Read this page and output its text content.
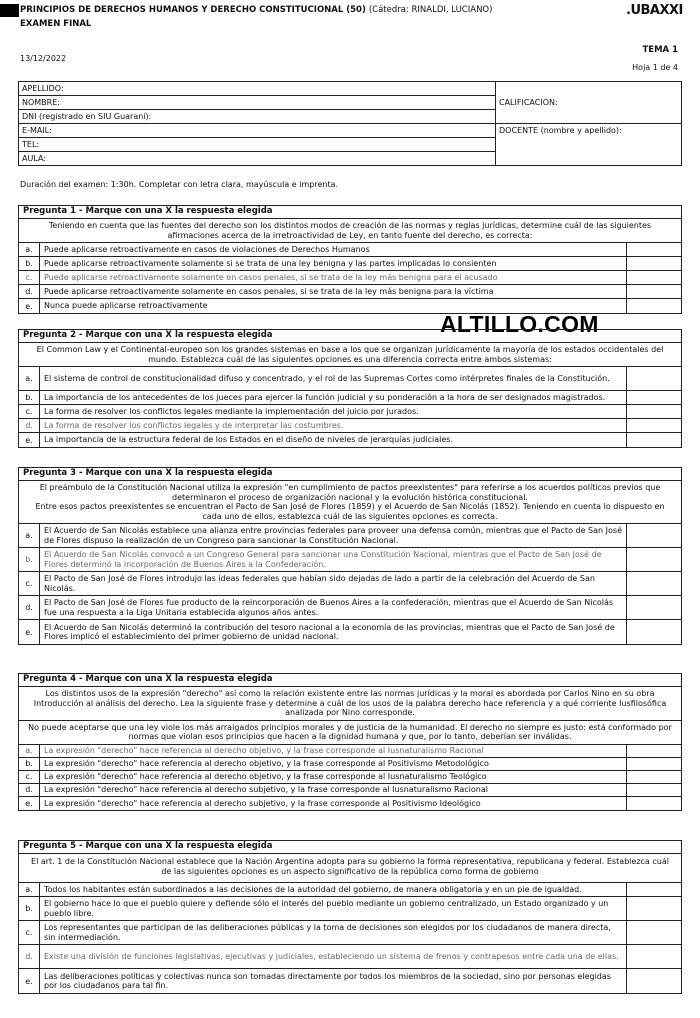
PRINCIPIOS DE DERECHOS HUMANOS Y DERECHO CONSTITUCIONAL (50) (Cátedra: RINALDI, LUCIANO)
EXAMEN FINAL
.UBAXXI
13/12/2022
TEMA 1
Hoja 1 de 4
APELLIDO:	CALIFICACIÓN:
NOMBRE:	
DNI (registrado en SIU Guaraní):	
E-MAIL:	DOCENTE (nombre y apellido):
TEL:	
AULA:	
Duración del examen: 1:30h. Completar con letra clara, mayúscula e imprenta.
Pregunta 1 - Marque con una X la respuesta elegida
Teniendo en cuenta que las fuentes del derecho son los distintos modos de creación de las normas y reglas jurídicas, determine cuál de las siguientes afirmaciones acerca de la irretroactividad de Ley, en tanto fuente del derecho, es correcta:
a.	Puede aplicarse retroactivamente en casos de violaciones de Derechos Humanos
b.	Puede aplicarse retroactivamente solamente si se trata de una ley benigna y las partes implicadas lo consienten
c.	Puede aplicarse retroactivamente solamente en casos penales, si se trata de la ley más benigna para el acusado
d.	Puede aplicarse retroactivamente solamente en casos penales, si se trata de la ley más benigna para la víctima
e.	Nunca puede aplicarse retroactivamente
ALTILLO.COM
Pregunta 2 - Marque con una X la respuesta elegida
El Common Law y el Continental-europeo son los grandes sistemas en base a los que se organizan jurídicamente la mayoría de los estados occidentales del mundo. Establezca cuál de las siguientes opciones es una diferencia correcta entre ambos sistemas:
a.	El sistema de control de constitucionalidad difuso y concentrado, y el rol de las Supremas Cortes como intérpretes finales de la Constitución.
b.	La importancia de los antecedentes de los jueces para ejercer la función judicial y su ponderación a la hora de ser designados magistrados.
c.	La forma de resolver los conflictos legales mediante la implementación del juicio por jurados.
d.	La forma de resolver los conflictos legales y de interpretar las costumbres.
e.	La importancia de la estructura federal de los Estados en el diseño de niveles de jerarquías judiciales.
Pregunta 3 - Marque con una X la respuesta elegida
El preámbulo de la Constitución Nacional utiliza la expresión "en cumplimiento de pactos preexistentes" para referirse a los acuerdos políticos previos que determinaron el proceso de organización nacional y la evolución histórica constitucional.
Entre esos pactos preexistentes se encuentran el Pacto de San José de Flores (1859) y el Acuerdo de San Nicolás (1852). Teniendo en cuenta lo dispuesto en cada uno de ellos, establezca cuál de las siguientes opciones es correcta.
a.
El Acuerdo de San Nicolás establece una alianza entre provincias federales para proveer una defensa común, mientras que el Pacto de San José de Flores dispuso la realización de un Congreso para sancionar la Constitución Nacional.
b.
El Acuerdo de San Nicolás convocó a un Congreso General para sancionar una Constitución Nacional, mientras que el Pacto de San José de Flores determinó la incorporación de Buenos Aires a la Confederación.
c.
El Pacto de San José de Flores introdujo las ideas federales que habían sido dejadas de lado a partir de la celebración del Acuerdo de San Nicolás.
d.
El Pacto de San José de Flores fue producto de la reincorporación de Buenos Aires a la confederación, mientras que el Acuerdo de San Nicolás fue una respuesta a la Liga Unitaria establecida algunos años antes.
e.
El Acuerdo de San Nicolás determinó la contribución del tesoro nacional a la economía de las provincias, mientras que el Pacto de San José de Flores implicó el establecimiento del primer gobierno de unidad nacional.
Pregunta 4 - Marque con una X la respuesta elegida
Los distintos usos de la expresión "derecho" así como la relación existente entre las normas jurídicas y la moral es abordada por Carlos Nino en su obra Introducción al análisis del derecho. Lea la siguiente frase y determine a cuál de los usos de la palabra derecho hace referencia y a qué corriente Iusfilosófica analizada por Nino corresponde.
No puede aceptarse que una ley viole los más arraigados principios morales y de justicia de la humanidad. El derecho no siempre es justo: está conformado por normas que violan esos principios que hacen a la dignidad humana y que, por lo tanto, deberían ser inválidas.
a.	La expresión "derecho" hace referencia al derecho objetivo, y la frase corresponde al Iusnaturalismo Racional
b.	La expresión "derecho" hace referencia al derecho objetivo, y la frase corresponde al Positivismo Metodológico
c.	La expresión "derecho" hace referencia al derecho objetivo, y la frase corresponde al Iusnaturalismo Teológico
d.	La expresión "derecho" hace referencia al derecho subjetivo, y la frase corresponde al Iusnaturalismo Racional
e.	La expresión "derecho" hace referencia al derecho subjetivo, y la frase corresponde al Positivismo Ideológico
Pregunta 5 - Marque con una X la respuesta elegida
El art. 1 de la Constitución Nacional establece que la Nación Argentina adopta para su gobierno la forma representativa, republicana y federal. Establezca cuál de las siguientes opciones es un aspecto significativo de la república como forma de gobierno
a.	Todos los habitantes están subordinados a las decisiones de la autoridad del gobierno, de manera obligatoria y en un pie de igualdad.
b.
El gobierno hace lo que el pueblo quiere y defiende sólo el interés del pueblo mediante un gobierno centralizado, un Estado organizado y un pueblo libre.
c.
Los representantes que participan de las deliberaciones públicas y la toma de decisiones son elegidos por los ciudadanos de manera directa, sin intermediación.
d.	Existe una división de funciones legislativas, ejecutivas y judiciales, estableciendo un sistema de frenos y contrapesos entre cada una de ellas.
e.
Las deliberaciones políticas y colectivas nunca son tomadas directamente por todos los miembros de la sociedad, sino por personas elegidas por los ciudadanos para tal fin.
